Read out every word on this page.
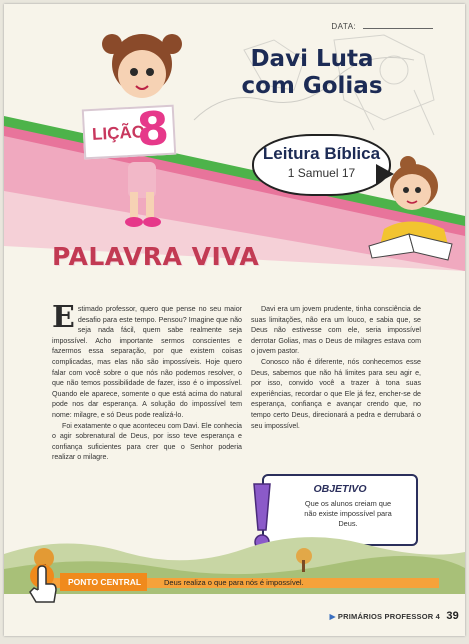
DATA:
Davi Luta
com Golias
LIÇÃO
8	Leitura Bíblica
1 Samuel 17
PALAVRA VIVA

Estimado professor, quero que pense no seu maior desafio para este tempo. Pensou? Imagine que não seja nada fácil, quem sabe realmente seja impossível. Acho importante sermos conscientes e fazermos essa separação, por que existem coisas complicadas, mas elas não são impossíveis. Hoje quero falar com você sobre o que nós não podemos resolver, o que não temos possibilidade de fazer, isso é o impossível. Quando ele aparece, somente o que está acima do natural pode nos dar esperança. A solução do impossível tem nome: milagre, e só Deus pode realizá-lo.

Foi exatamente o que aconteceu com Davi. Ele conhecia o agir sobrenatural de Deus, por isso teve esperança e confiança suficientes para crer que o Senhor poderia realizar o milagre.

Davi era um jovem prudente, tinha consciência de suas limitações, não era um louco, e sabia que, se Deus não estivesse com ele, seria impossível derrotar Golias, mas o Deus de milagres estava com o jovem pastor.

Conosco não é diferente, nós conhecemos esse Deus, sabemos que não há limites para seu agir e, por isso, convido você a trazer à tona suas experiências, recordar o que Ele já fez, encher-se de esperança, confiança e avançar crendo que, no tempo certo Deus, direcionará a pedra e derrubará o seu impossível.

OBJETIVO
Que os alunos creiam que não existe impossível para Deus.
PONTO CENTRAL	Deus realiza o que para nós é impossível.
▶ PRIMÁRIOS PROFESSOR 4 39
